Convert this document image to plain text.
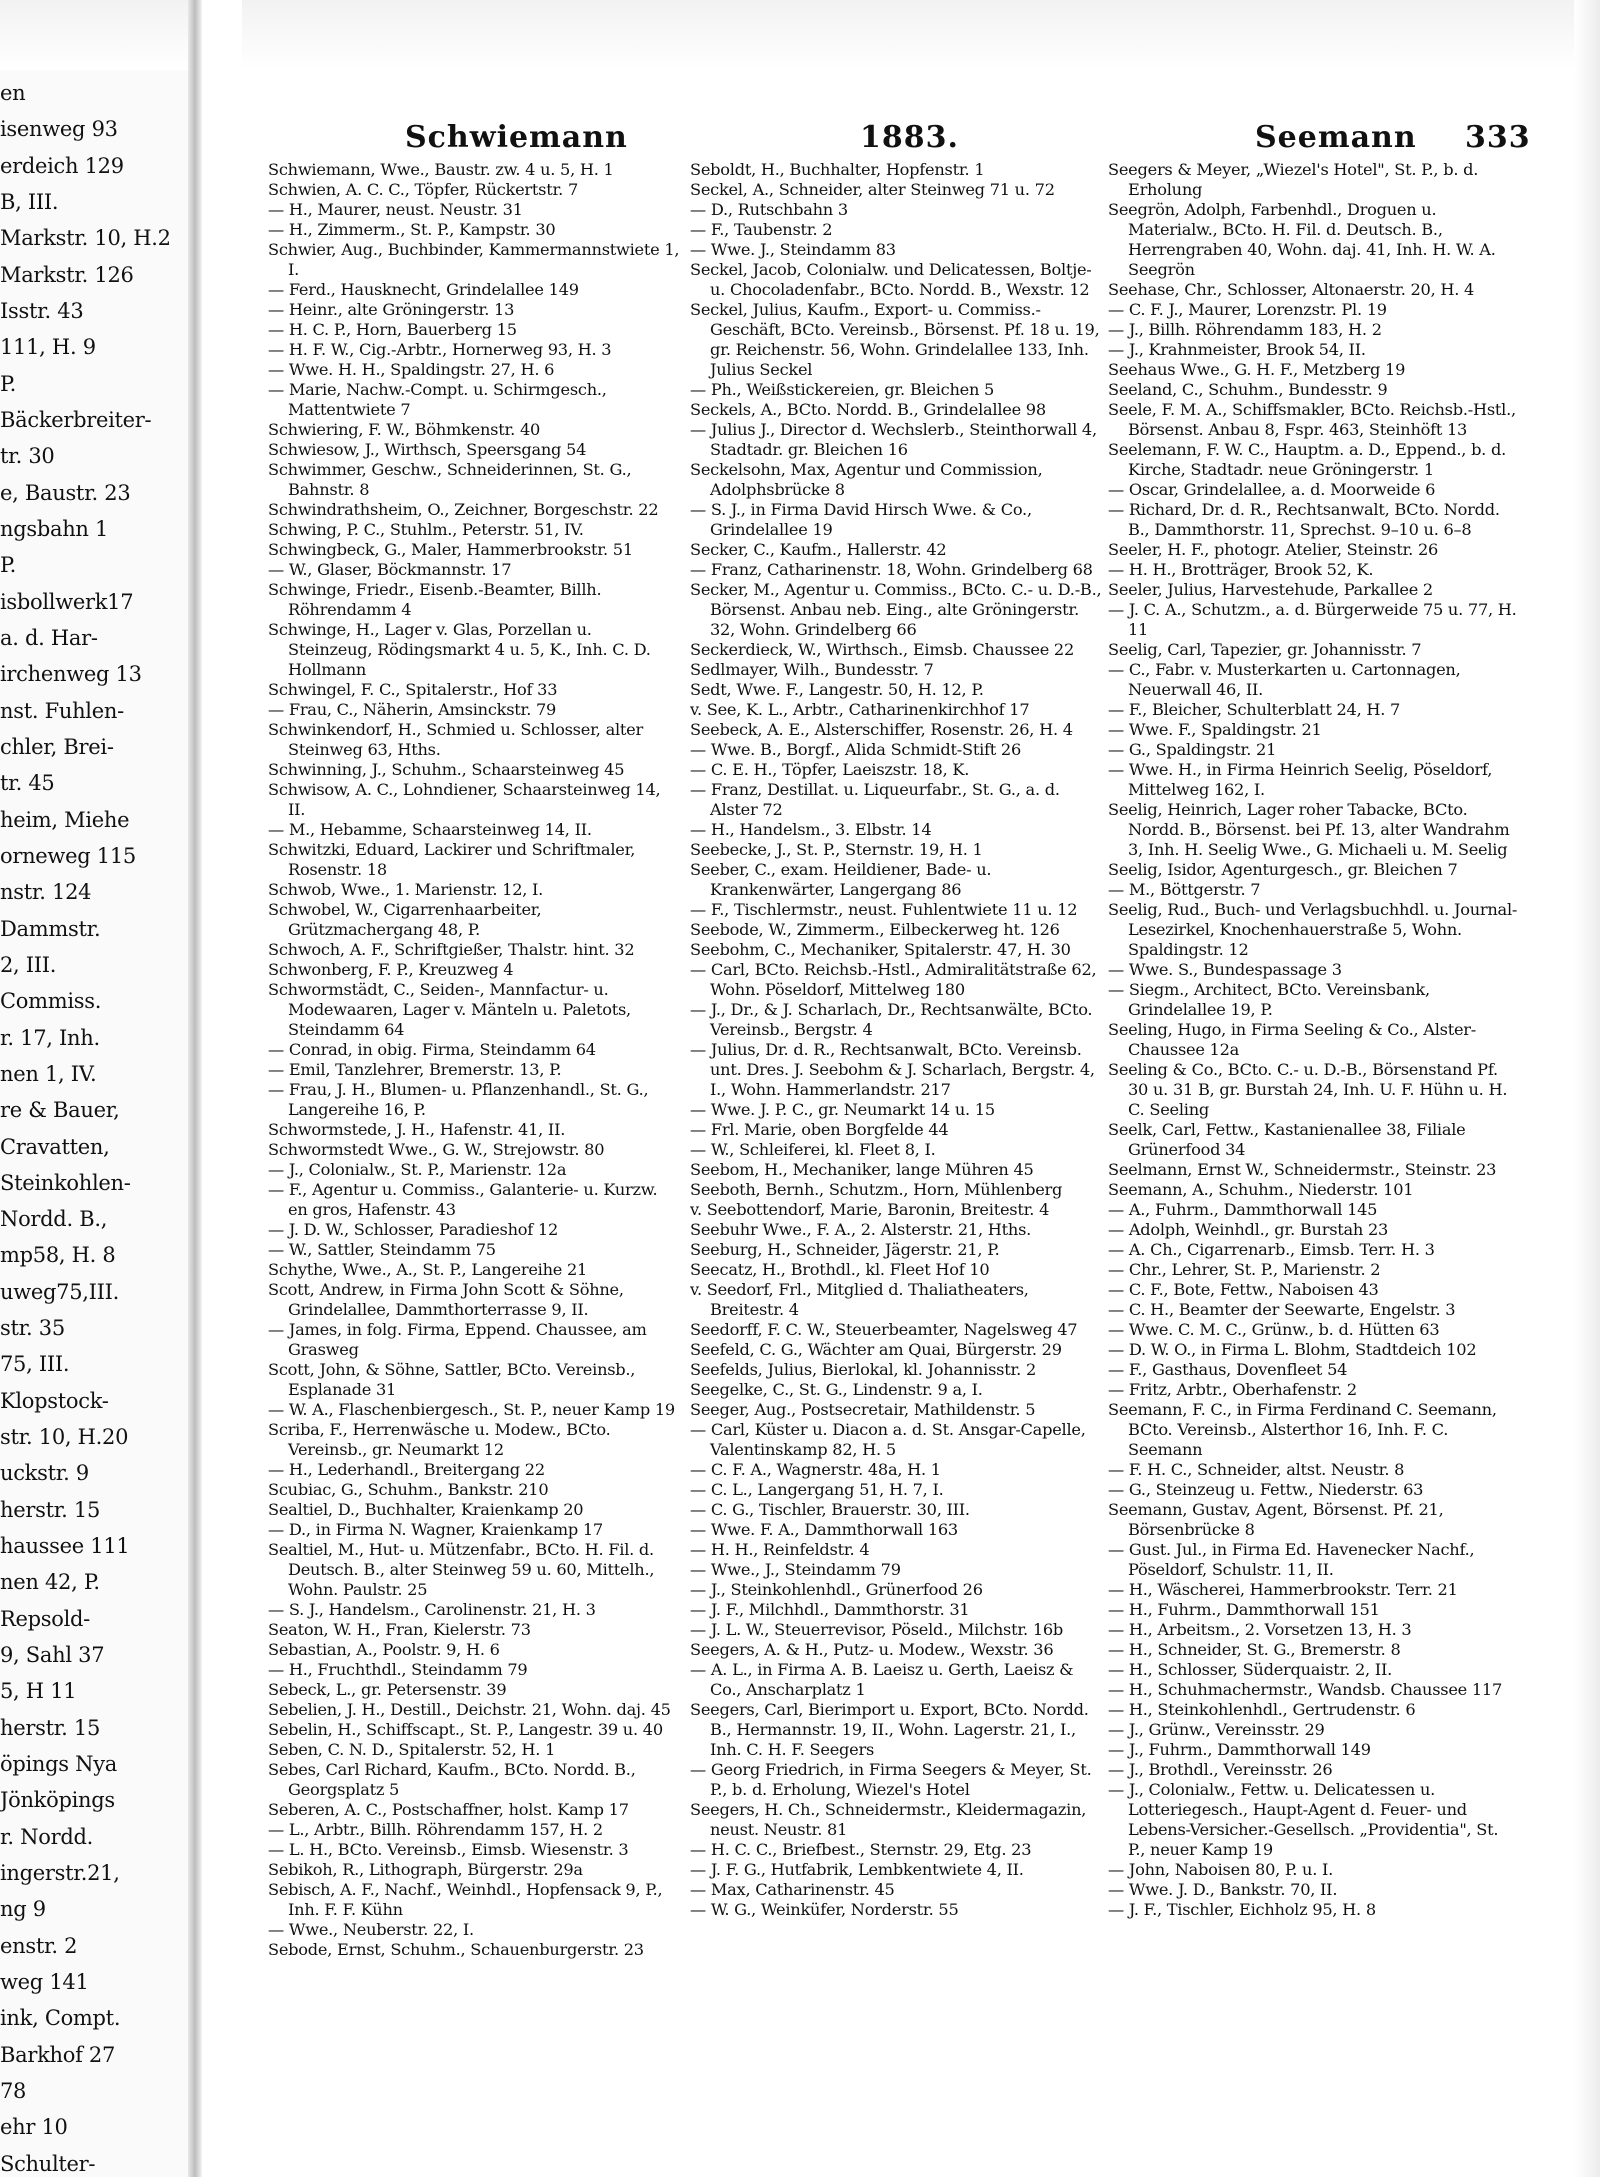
en
isenweg 93
erdeich 129
B, III.
Markstr. 10, H.2
Markstr. 126
Isstr. 43
111, H. 9
P.
Bäckerbreiter-
tr. 30
e, Baustr. 23
ngsbahn 1
P.
isbollwerk17
a. d. Har-
irchenweg 13
nst. Fuhlen-
chler, Brei-
tr. 45
heim, Miehe
orneweg 115
nstr. 124
Dammstr.
2, III.
Commiss.
r. 17, Inh.
nen 1, IV.
re & Bauer,
Cravatten,
Steinkohlen-
Nordd. B.,
mp58, H. 8
uweg75,III.
str. 35
75, III.
Klopstock-
str. 10, H.20
uckstr. 9
herstr. 15
haussee 111
nen 42, P.
Repsold-
9, Sahl 37
5, H 11
herstr. 15
öpings Nya
Jönköpings
r. Nordd.
ingerstr.21,
ng 9
enstr. 2
weg 141
ink, Compt.
Barkhof 27
78
ehr 10
Schulter-
Schwiemann	1883.	Seemann 333

Schwiemann, Wwe., Baustr. zw. 4 u. 5, H. 1

Schwien, A. C. C., Töpfer, Rückertstr. 7

— H., Maurer, neust. Neustr. 31

— H., Zimmerm., St. P., Kampstr. 30

Schwier, Aug., Buchbinder, Kammermannstwiete 1, I.

— Ferd., Hausknecht, Grindelallee 149

— Heinr., alte Gröningerstr. 13

— H. C. P., Horn, Bauerberg 15

— H. F. W., Cig.-Arbtr., Hornerweg 93, H. 3

— Wwe. H. H., Spaldingstr. 27, H. 6

— Marie, Nachw.-Compt. u. Schirmgesch., Mattentwiete 7

Schwiering, F. W., Böhmkenstr. 40

Schwiesow, J., Wirthsch, Speersgang 54

Schwimmer, Geschw., Schneiderinnen, St. G., Bahnstr. 8

Schwindrathsheim, O., Zeichner, Borgeschstr. 22

Schwing, P. C., Stuhlm., Peterstr. 51, IV.

Schwingbeck, G., Maler, Hammerbrookstr. 51

— W., Glaser, Böckmannstr. 17

Schwinge, Friedr., Eisenb.-Beamter, Billh. Röhrendamm 4

Schwinge, H., Lager v. Glas, Porzellan u. Steinzeug, Rödingsmarkt 4 u. 5, K., Inh. C. D. Hollmann

Schwingel, F. C., Spitalerstr., Hof 33

— Frau, C., Näherin, Amsinckstr. 79

Schwinkendorf, H., Schmied u. Schlosser, alter Steinweg 63, Hths.

Schwinning, J., Schuhm., Schaarsteinweg 45

Schwisow, A. C., Lohndiener, Schaarsteinweg 14, II.

— M., Hebamme, Schaarsteinweg 14, II.

Schwitzki, Eduard, Lackirer und Schriftmaler, Rosenstr. 18

Schwob, Wwe., 1. Marienstr. 12, I.

Schwobel, W., Cigarrenhaarbeiter, Grützmachergang 48, P.

Schwoch, A. F., Schriftgießer, Thalstr. hint. 32

Schwonberg, F. P., Kreuzweg 4

Schwormstädt, C., Seiden-, Mannfactur- u. Modewaaren, Lager v. Mänteln u. Paletots, Steindamm 64

— Conrad, in obig. Firma, Steindamm 64

— Emil, Tanzlehrer, Bremerstr. 13, P.

— Frau, J. H., Blumen- u. Pflanzenhandl., St. G., Langereihe 16, P.

Schwormstede, J. H., Hafenstr. 41, II.

Schwormstedt Wwe., G. W., Strejowstr. 80

— J., Colonialw., St. P., Marienstr. 12a

— F., Agentur u. Commiss., Galanterie- u. Kurzw. en gros, Hafenstr. 43

— J. D. W., Schlosser, Paradieshof 12

— W., Sattler, Steindamm 75

Schythe, Wwe., A., St. P., Langereihe 21

Scott, Andrew, in Firma John Scott & Söhne, Grindelallee, Dammthorterrasse 9, II.

— James, in folg. Firma, Eppend. Chaussee, am Grasweg

Scott, John, & Söhne, Sattler, BCto. Vereinsb., Esplanade 31

— W. A., Flaschenbiergesch., St. P., neuer Kamp 19

Scriba, F., Herrenwäsche u. Modew., BCto. Vereinsb., gr. Neumarkt 12

— H., Lederhandl., Breitergang 22

Scubiac, G., Schuhm., Bankstr. 210

Sealtiel, D., Buchhalter, Kraienkamp 20

— D., in Firma N. Wagner, Kraienkamp 17

Sealtiel, M., Hut- u. Mützenfabr., BCto. H. Fil. d. Deutsch. B., alter Steinweg 59 u. 60, Mittelh., Wohn. Paulstr. 25

— S. J., Handelsm., Carolinenstr. 21, H. 3

Seaton, W. H., Fran, Kielerstr. 73

Sebastian, A., Poolstr. 9, H. 6

— H., Fruchthdl., Steindamm 79

Sebeck, L., gr. Petersenstr. 39

Sebelien, J. H., Destill., Deichstr. 21, Wohn. daj. 45

Sebelin, H., Schiffscapt., St. P., Langestr. 39 u. 40

Seben, C. N. D., Spitalerstr. 52, H. 1

Sebes, Carl Richard, Kaufm., BCto. Nordd. B., Georgsplatz 5

Seberen, A. C., Postschaffner, holst. Kamp 17

— L., Arbtr., Billh. Röhrendamm 157, H. 2

— L. H., BCto. Vereinsb., Eimsb. Wiesenstr. 3

Sebikoh, R., Lithograph, Bürgerstr. 29a

Sebisch, A. F., Nachf., Weinhdl., Hopfensack 9, P., Inh. F. F. Kühn

— Wwe., Neuberstr. 22, I.

Sebode, Ernst, Schuhm., Schauenburgerstr. 23

Seboldt, H., Buchhalter, Hopfenstr. 1

Seckel, A., Schneider, alter Steinweg 71 u. 72

— D., Rutschbahn 3

— F., Taubenstr. 2

— Wwe. J., Steindamm 83

Seckel, Jacob, Colonialw. und Delicatessen, Boltje- u. Chocoladenfabr., BCto. Nordd. B., Wexstr. 12

Seckel, Julius, Kaufm., Export- u. Commiss.-Geschäft, BCto. Vereinsb., Börsenst. Pf. 18 u. 19, gr. Reichenstr. 56, Wohn. Grindelallee 133, Inh. Julius Seckel

— Ph., Weißstickereien, gr. Bleichen 5

Seckels, A., BCto. Nordd. B., Grindelallee 98

— Julius J., Director d. Wechslerb., Steinthorwall 4, Stadtadr. gr. Bleichen 16

Seckelsohn, Max, Agentur und Commission, Adolphsbrücke 8

— S. J., in Firma David Hirsch Wwe. & Co., Grindelallee 19

Secker, C., Kaufm., Hallerstr. 42

— Franz, Catharinenstr. 18, Wohn. Grindelberg 68

Secker, M., Agentur u. Commiss., BCto. C.- u. D.-B., Börsenst. Anbau neb. Eing., alte Gröningerstr. 32, Wohn. Grindelberg 66

Seckerdieck, W., Wirthsch., Eimsb. Chaussee 22

Sedlmayer, Wilh., Bundesstr. 7

Sedt, Wwe. F., Langestr. 50, H. 12, P.

v. See, K. L., Arbtr., Catharinenkirchhof 17

Seebeck, A. E., Alsterschiffer, Rosenstr. 26, H. 4

— Wwe. B., Borgf., Alida Schmidt-Stift 26

— C. E. H., Töpfer, Laeiszstr. 18, K.

— Franz, Destillat. u. Liqueurfabr., St. G., a. d. Alster 72

— H., Handelsm., 3. Elbstr. 14

Seebecke, J., St. P., Sternstr. 19, H. 1

Seeber, C., exam. Heildiener, Bade- u. Krankenwärter, Langergang 86

— F., Tischlermstr., neust. Fuhlentwiete 11 u. 12

Seebode, W., Zimmerm., Eilbeckerweg ht. 126

Seebohm, C., Mechaniker, Spitalerstr. 47, H. 30

— Carl, BCto. Reichsb.-Hstl., Admiralitätstraße 62, Wohn. Pöseldorf, Mittelweg 180

— J., Dr., & J. Scharlach, Dr., Rechtsanwälte, BCto. Vereinsb., Bergstr. 4

— Julius, Dr. d. R., Rechtsanwalt, BCto. Vereinsb. unt. Dres. J. Seebohm & J. Scharlach, Bergstr. 4, I., Wohn. Hammerlandstr. 217

— Wwe. J. P. C., gr. Neumarkt 14 u. 15

— Frl. Marie, oben Borgfelde 44

— W., Schleiferei, kl. Fleet 8, I.

Seebom, H., Mechaniker, lange Mühren 45

Seeboth, Bernh., Schutzm., Horn, Mühlenberg

v. Seebottendorf, Marie, Baronin, Breitestr. 4

Seebuhr Wwe., F. A., 2. Alsterstr. 21, Hths.

Seeburg, H., Schneider, Jägerstr. 21, P.

Seecatz, H., Brothdl., kl. Fleet Hof 10

v. Seedorf, Frl., Mitglied d. Thaliatheaters, Breitestr. 4

Seedorff, F. C. W., Steuerbeamter, Nagelsweg 47

Seefeld, C. G., Wächter am Quai, Bürgerstr. 29

Seefelds, Julius, Bierlokal, kl. Johannisstr. 2

Seegelke, C., St. G., Lindenstr. 9 a, I.

Seeger, Aug., Postsecretair, Mathildenstr. 5

— Carl, Küster u. Diacon a. d. St. Ansgar-Capelle, Valentinskamp 82, H. 5

— C. F. A., Wagnerstr. 48a, H. 1

— C. L., Langergang 51, H. 7, I.

— C. G., Tischler, Brauerstr. 30, III.

— Wwe. F. A., Dammthorwall 163

— H. H., Reinfeldstr. 4

— Wwe., J., Steindamm 79

— J., Steinkohlenhdl., Grünerfood 26

— J. F., Milchhdl., Dammthorstr. 31

— J. L. W., Steuerrevisor, Pöseld., Milchstr. 16b

Seegers, A. & H., Putz- u. Modew., Wexstr. 36

— A. L., in Firma A. B. Laeisz u. Gerth, Laeisz & Co., Anscharplatz 1

Seegers, Carl, Bierimport u. Export, BCto. Nordd. B., Hermannstr. 19, II., Wohn. Lagerstr. 21, I., Inh. C. H. F. Seegers

— Georg Friedrich, in Firma Seegers & Meyer, St. P., b. d. Erholung, Wiezel's Hotel

Seegers, H. Ch., Schneidermstr., Kleidermagazin, neust. Neustr. 81

— H. C. C., Briefbest., Sternstr. 29, Etg. 23

— J. F. G., Hutfabrik, Lembkentwiete 4, II.

— Max, Catharinenstr. 45

— W. G., Weinküfer, Norderstr. 55

Seegers & Meyer, „Wiezel's Hotel", St. P., b. d. Erholung

Seegrön, Adolph, Farbenhdl., Droguen u. Materialw., BCto. H. Fil. d. Deutsch. B., Herrengraben 40, Wohn. daj. 41, Inh. H. W. A. Seegrön

Seehase, Chr., Schlosser, Altonaerstr. 20, H. 4

— C. F. J., Maurer, Lorenzstr. Pl. 19

— J., Billh. Röhrendamm 183, H. 2

— J., Krahnmeister, Brook 54, II.

Seehaus Wwe., G. H. F., Metzberg 19

Seeland, C., Schuhm., Bundesstr. 9

Seele, F. M. A., Schiffsmakler, BCto. Reichsb.-Hstl., Börsenst. Anbau 8, Fspr. 463, Steinhöft 13

Seelemann, F. W. C., Hauptm. a. D., Eppend., b. d. Kirche, Stadtadr. neue Gröningerstr. 1

— Oscar, Grindelallee, a. d. Moorweide 6

— Richard, Dr. d. R., Rechtsanwalt, BCto. Nordd. B., Dammthorstr. 11, Sprechst. 9–10 u. 6–8

Seeler, H. F., photogr. Atelier, Steinstr. 26

— H. H., Brotträger, Brook 52, K.

Seeler, Julius, Harvestehude, Parkallee 2

— J. C. A., Schutzm., a. d. Bürgerweide 75 u. 77, H. 11

Seelig, Carl, Tapezier, gr. Johannisstr. 7

— C., Fabr. v. Musterkarten u. Cartonnagen, Neuerwall 46, II.

— F., Bleicher, Schulterblatt 24, H. 7

— Wwe. F., Spaldingstr. 21

— G., Spaldingstr. 21

— Wwe. H., in Firma Heinrich Seelig, Pöseldorf, Mittelweg 162, I.

Seelig, Heinrich, Lager roher Tabacke, BCto. Nordd. B., Börsenst. bei Pf. 13, alter Wandrahm 3, Inh. H. Seelig Wwe., G. Michaeli u. M. Seelig

Seelig, Isidor, Agenturgesch., gr. Bleichen 7

— M., Böttgerstr. 7

Seelig, Rud., Buch- und Verlagsbuchhdl. u. Journal-Lesezirkel, Knochenhauerstraße 5, Wohn. Spaldingstr. 12

— Wwe. S., Bundespassage 3

— Siegm., Architect, BCto. Vereinsbank, Grindelallee 19, P.

Seeling, Hugo, in Firma Seeling & Co., Alster-Chaussee 12a

Seeling & Co., BCto. C.- u. D.-B., Börsenstand Pf. 30 u. 31 B, gr. Burstah 24, Inh. U. F. Hühn u. H. C. Seeling

Seelk, Carl, Fettw., Kastanienallee 38, Filiale Grünerfood 34

Seelmann, Ernst W., Schneidermstr., Steinstr. 23

Seemann, A., Schuhm., Niederstr. 101

— A., Fuhrm., Dammthorwall 145

— Adolph, Weinhdl., gr. Burstah 23

— A. Ch., Cigarrenarb., Eimsb. Terr. H. 3

— Chr., Lehrer, St. P., Marienstr. 2

— C. F., Bote, Fettw., Naboisen 43

— C. H., Beamter der Seewarte, Engelstr. 3

— Wwe. C. M. C., Grünw., b. d. Hütten 63

— D. W. O., in Firma L. Blohm, Stadtdeich 102

— F., Gasthaus, Dovenfleet 54

— Fritz, Arbtr., Oberhafenstr. 2

Seemann, F. C., in Firma Ferdinand C. Seemann, BCto. Vereinsb., Alsterthor 16, Inh. F. C. Seemann

— F. H. C., Schneider, altst. Neustr. 8

— G., Steinzeug u. Fettw., Niederstr. 63

Seemann, Gustav, Agent, Börsenst. Pf. 21, Börsenbrücke 8

— Gust. Jul., in Firma Ed. Havenecker Nachf., Pöseldorf, Schulstr. 11, II.

— H., Wäscherei, Hammerbrookstr. Terr. 21

— H., Fuhrm., Dammthorwall 151

— H., Arbeitsm., 2. Vorsetzen 13, H. 3

— H., Schneider, St. G., Bremerstr. 8

— H., Schlosser, Süderquaistr. 2, II.

— H., Schuhmachermstr., Wandsb. Chaussee 117

— H., Steinkohlenhdl., Gertrudenstr. 6

— J., Grünw., Vereinsstr. 29

— J., Fuhrm., Dammthorwall 149

— J., Brothdl., Vereinsstr. 26

— J., Colonialw., Fettw. u. Delicatessen u. Lotteriegesch., Haupt-Agent d. Feuer- und Lebens-Versicher.-Gesellsch. „Providentia", St. P., neuer Kamp 19

— John, Naboisen 80, P. u. I.

— Wwe. J. D., Bankstr. 70, II.

— J. F., Tischler, Eichholz 95, H. 8
